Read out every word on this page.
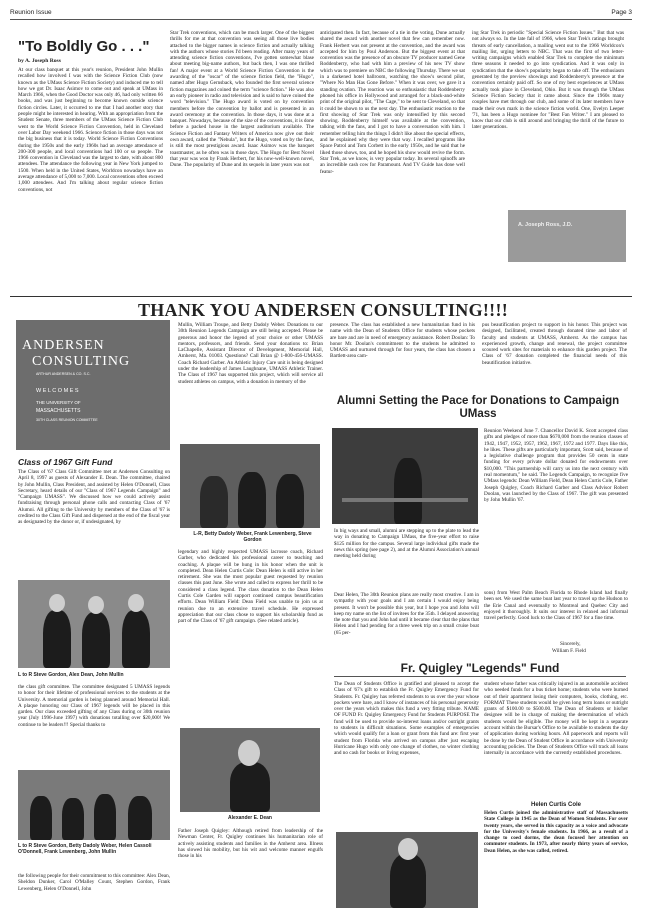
Reunion Issue	Page 3
"To Boldly Go . . ."
by A. Joseph Ross
At our class banquet at this year's reunion, President John Mullin recalled how involved I was with the Science Fiction Club (now known as the UMass Science Fiction Society) and induced me to tell how we got Dr. Isaac Asimov to come out and speak at UMass in March 1966, when the Good Doctor was only 46, had only written 66 books, and was just beginning to become known outside science fiction circles. Later, it occurred to me that I had another story that people might be interested in hearing. With an appropriation from the Student Senate, three members of the UMass Science Fiction Club went to the World Science Fiction Convention, held in Cleveland over Labor Day weekend 1966. Science fiction in those days was not the big business that it is today. World Science Fiction Conventions during the 1950s and the early 1960s had an average attendance of 200-300 people, and local conventions had 100 or so people. The 1966 convention in Cleveland was the largest to date, with about 800 attendees. The attendance the following year in New York jumped to 1500. When held in the United States, Worldcon nowadays have an average attendance of 5,000 to 7,000. Local conventions often exceed 1,000 attendees. And I'm talking about regular science fiction conventions, not
Star Trek conventions, which can be much larger. One of the biggest thrills for me at that convention was seeing all those live bodies attached to the bigger names in science fiction and actually talking with the authors whose stories I'd been reading. After many years of attending science fiction conventions, I've gotten somewhat blase about meeting big-name authors, but back then, I was one thrilled fan! A major event at a World Science Fiction Convention is the awarding of the "oscar" of the science fiction field, the "Hugo", named after Hugo Gernsback, who founded the first several science fiction magazines and coined the term "science fiction." He was also an early pioneer in radio and television and is said to have coined the word "television." The Hugo award is voted on by convention members before the convention by ballot and is presented in an award ceremony at the convention. In those days, it was done at a banquet. Nowadays, because of the size of the conventions, it is done before a packed house in the largest auditorium available. The Science Fiction and Fantasy Writers of America now give out their own award, called the "Nebula", but the Hugo, voted on by the fans, is still the most prestigious award. Isaac Asimov was the banquet toastmaster, as he often was in those days. The Hugo for Best Novel that year was won by Frank Herbert, for his now-well-known novel, Dune. The popularity of Dune and its sequels in later years was not
anticipated then. In fact, because of a tie in the voting, Dune actually shared the award with another novel that few can remember now. Frank Herbert was not present at the convention, and the award was accepted for him by Poul Anderson. But the biggest event at that convention was the presence of an obscure TV producer named Gene Roddenberry, who had with him a preview of his new TV show which was to premiere on NBC the following Thursday. There we sat in a darkened hotel ballroom, watching the show's second pilot, "Where No Man Has Gone Before." When it was over, we gave it a standing ovation. The reaction was so enthusiastic that Roddenberry phoned his office in Hollywood and arranged for a black-and-white print of the original pilot, "The Cage," to be sent to Cleveland, so that it could be shown to us the next day. The enthusiastic reaction to the first showing of Star Trek was only intensified by this second showing. Roddenberry himself was available at the convention, talking with the fans, and I got to have a conversation with him. I remember telling him the things I didn't like about the special effects, and he explained why they were that way. I recalled programs like Space Patrol and Tom Corbett in the early 1950s, and he said that he liked those shows, too, and he hoped his show would revive the form. Star Trek, as we know, is very popular today. Its several spinoffs are an incredible cash cow for Paramount. And TV Guide has done well featur-
ing Star Trek in periodic "Special Science Fiction Issues." But that was not always so. In the late fall of 1966, when Star Trek's ratings brought threats of early cancellation, a mailing went out to the 1966 Worldcon's mailing list, urging letters to NBC. That was the first of two letter-writing campaigns which enabled Star Trek to complete the minimum three seasons it needed to go into syndication. And it was only in syndication that the show's popularity began to take off. The enthusiasm generated by the preview showings and Roddenberry's presence at the convention certainly paid off. So one of my best experiences at UMass actually took place in Cleveland, Ohio. But it was through the UMass Science Fiction Society that it came about. Since the 1960s many couples have met through our club, and some of its later members have made their own mark in the science fiction world. One, Evelyn Leeper '71, has been a Hugo nominee for "Best Fan Writer." I am pleased to know that our club is still around and bringing the thrill of the future to later generations.
A. Joseph Ross, J.D.
THANK YOU ANDERSEN CONSULTING!!!!
ANDERSEN
CONSULTING
ARTHUR ANDERSEN & CO. S.C.
W E L C O M E S
THE UNIVERSITY OF
MASSACHUSETTS
30TH CLASS REUNION COMMITTEE
Class of 1967 Gift Fund
The Class of '67 Class Gift Committee met at Andersen Consulting on April 8, 1997 as guests of Alexander E. Dean. The committee, chaired by John Mullin, Class President, and assisted by Helen O'Donnell, Class Secretary, heard details of our "Class of 1967 Legends Campaign" and "Campaign UMASS". We discussed how we could actively assist fundraising through personal phone calls and contacting Class of '67 Alumni. All gifting to the University by members of the Class of '67 is credited to the Class Gift Fund and dispersed at the end of the fiscal year as designated by the donor or, if undesignated, by
L to R Steve Gordon, Alex Dean, John Mullin
the class gift committee. The committee designated 5 UMASS legends to honor for their lifetime of professional services to the students at the University. A memorial garden is being planned around Memorial Hall. A plaque honoring our Class of 1967 legends will be placed in this garden. Our class exceeded gifting of any Class during or 30th reunion year (July 1996-June 1997) with donations totalling over $20,000! We continue to be leaders!!! Special thanks to
L to R Steve Gordon, Betty Dadoly Weber, Helen Cassoli O'Donnell, Frank Lewenberg, John Mullin
the following people for their commitment to this committee: Alex Dean, Sheldon Dunker, Carol O'Malley Count, Stephen Gordon, Frank Lewenberg, Helen O'Donnell, John
Mullin, William Troupe, and Betty Dadoly Weber. Donations to our 30th Reunion Legends Campaign are still being accepted. Please be generous and honor the legend of your choice or other UMASS mentors, professors, and friends. Send your donations to: Brian LaChapelle, Assistant Director of Development, Memorial Hall, Amherst, Ma. 01003. Questions? Call Brian @ 1-800-456-UMASS. Coach Richard Garber. An Athletic Injury Care unit is being designed under the leadership of James Laughnane, UMASS Athletic Trainer. The Class of 1967 has supported this project, which will service all student athletes on campus, with a donation in memory of the
L-R, Betty Dadoly Weber, Frank Lewenberg, Steve Gordon
legendary and highly respected UMASS lacrosse coach, Richard Garber, who dedicated his professional career to teaching and coaching. A plaque will be hung in his honor when the unit is completed. Dean Helen Curtis Cole: Dean Helen is still active in her retirement. She was the most popular guest requested by reunion classes this past June. She wrote and called to express her thrill to be considered a class legend. The class donation to the Dean Helen Curtis Cole Garden will support continued campus beautification efforts. Dean William Field: Dean Field was unable to join us at reunion due to an extensive travel schedule. He expressed appreciation that our class chose to support his scholarship fund as part of the Class of '67 gift campaign. (See related article).
Alexander E. Dean
Father Joseph Quigley: Although retired from leadership of the Newman Center, Fr. Quigley continues his humanitarian role of actively assisting students and families in the Amherst area. Illness has slowed his mobility, but his wit and welcome manner engulfs those in his
presence. The class has established a new humanitarian fund in his name with the Dean of Students Office for students whose pockets are bare and are in need of emergency assistance. Robert Doolan: To honor Mr. Doolan's commitment to the students he admitted to UMASS and nurtured through for four years, the class has chosen a Bartlett-area cam-
pus beautification project to support in his honor. This project was designed, facilitated, created through donated time and labor of faculty and students at UMASS, Amherst. As the campus has experienced growth, change and renewal, the project committee scoured work sites for materials to enhance this garden project. The Class of '67 donation completed the financial needs of this beautification initiative.
Alumni Setting the Pace for Donations to Campaign UMass
In big ways and small, alumni are stepping up to the plate to lead the way in donating to Campaign UMass, the five-year effort to raise $125 million for the campus. Several large individual gifts made the news this spring (see page 2), and at the Alumni Association's annual meeting held during
Reunion Weekend June 7. Chancellor David K. Scott accepted class gifts and pledges of more than $670,000 from the reunion classes of 1942, 1947, 1952, 1957, 1962, 1967, 1972 and 1977. Days like this, he likes. These gifts are particularly important, Scott said, because of a legislative challenge program that provides 50 cents in state funding for every private dollar donated for endowments over $10,000. "This partnership will carry us into the next century with real momentum," he said. The Legends Campaign, to recognize five UMass legends: Dean William Field, Dean Helen Curtis Cole, Father Joseph Quigley, Coach Richard Garber and Class Advisor Robert Doolan, was launched by the Class of 1967. The gift was presented by John Mullin '67.
Dear Helen, The 30th Reunion plans are really most creative. I am in sympathy with your goals and I am certain I would enjoy being present. It won't be possible this year, but I hope you and John will keep my name on the list of invitees for the 35th. I delayed answering the note that you and John had until it became clear that the plans that Helen and I had pending for a three week trip on a small cruise boat (65 per-
sons) from West Palm Beach Florida to Rhode Island had finally been set. We used the same boat last year to travel up the Hudson to the Erie Canal and eventually to Montreal and Quebec City and enjoyed it thoroughly. It suits our interest in relaxed and informal travel perfectly. Good luck to the Class of 1967 for a fine time.
Sincerely,
William F. Field
Fr. Quigley "Legends" Fund
The Dean of Students Office is gratified and pleased to accept the Class of '67's gift to establish the Fr. Quigley Emergency Fund for Students. Fr. Quigley has referred students to us over the year whose pockets were bare, and I know of instances of his personal generosity over the years which makes this fund a very fitting tribute. NAME OF FUND Fr. Quigley Emergency Fund for Students PURPOSE The fund will be used to provide no-interest loans and/or outright grants to students in difficult situations. Some examples of emergencies which would qualify for a loan or grant from this fund are: first year student from Florida who arrived on campus after just escaping Hurricane Hugo with only one change of clothes, no winter clothing and no cash for books or living expenses,
student whose father was critically injured in an automobile accident who needed funds for a bus ticket home; students who were burned out of their apartment losing their computers, books, clothing, etc. FORMAT These students would be given long term loans or outright grants of $100.00 to $500.00. The Dean of Students or his/her designee will be in charge of making the determination of which students would be eligible. The money will be kept in a separate account within the Bursar's Office to be available to students the day of application during working hours. All paperwork and reports will be done by the Dean of Student Office in accordance with University accounting policies. The Dean of Students Office will track all loans internally in accordance with the currently established procedures.
Helen Curtis Cole
Helen Curtis joined the administrative staff of Massachusetts State College in 1945 as the Dean of Women Students. For over twenty years, she served in this capacity as a voice and advocate for the University's female students. In 1966, as a result of a change to coed dorms, the dean focused her attention on commuter students. In 1973, after nearly thirty years of service, Dean Helen, as she was called, retired.
